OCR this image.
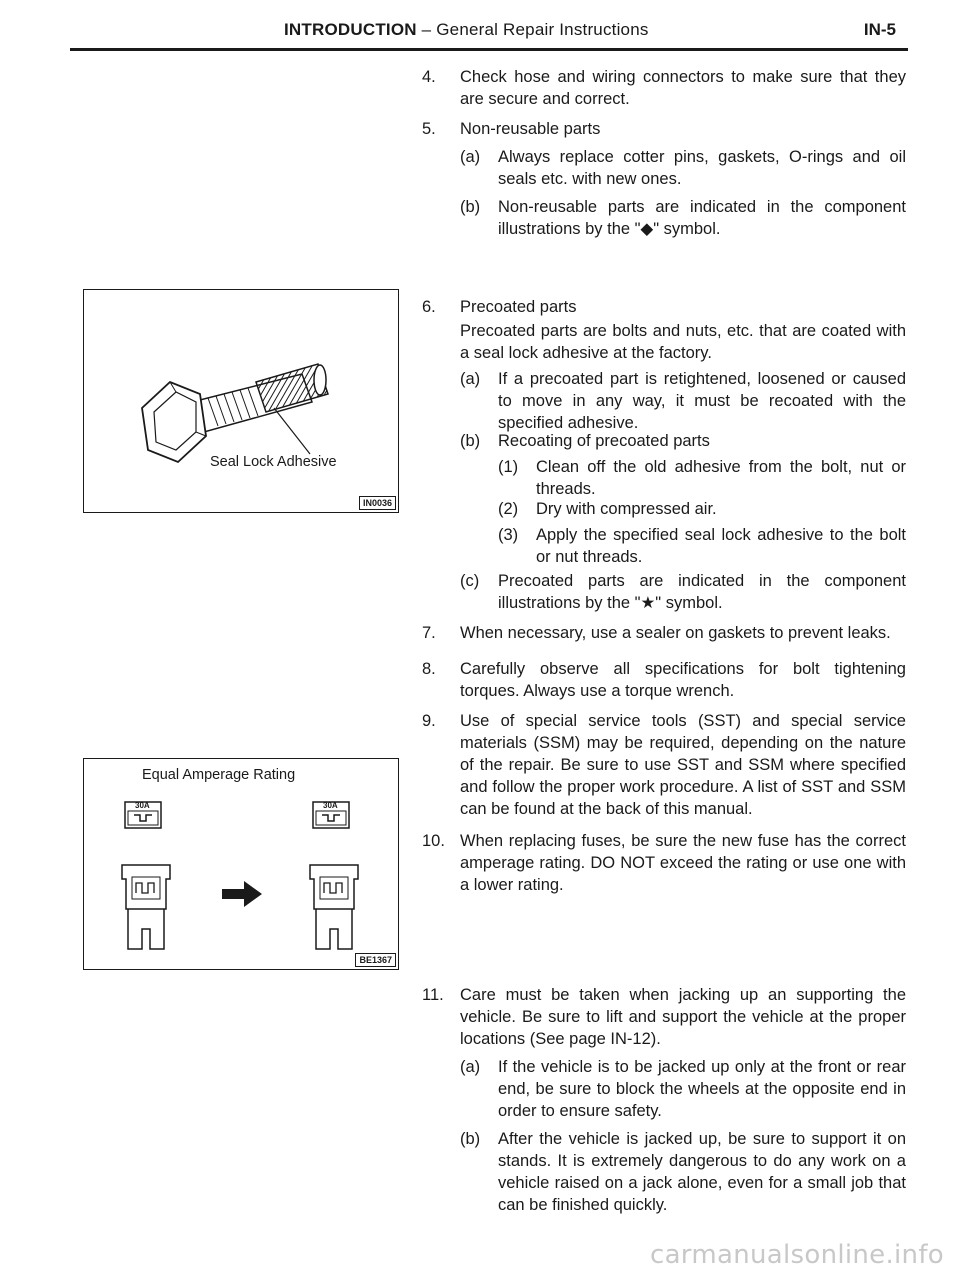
INTRODUCTION – General Repair Instructions	IN-5
Seal Lock Adhesive
IN0036
Equal Amperage Rating
30A	30A
BE1367
4. Check hose and wiring connectors to make sure that they are secure and correct.
5. Non-reusable parts
(a) Always replace cotter pins, gaskets, O-rings and oil seals etc. with new ones.
(b) Non-reusable parts are indicated in the component illustrations by the "◆" symbol.
6. Precoated parts
Precoated parts are bolts and nuts, etc. that are coated with a seal lock adhesive at the factory.
(a) If a precoated part is retightened, loosened or caused to move in any way, it must be recoated with the specified adhesive.
(b) Recoating of precoated parts
(1) Clean off the old adhesive from the bolt, nut or threads.
(2) Dry with compressed air.
(3) Apply the specified seal lock adhesive to the bolt or nut threads.
(c) Precoated parts are indicated in the component illustrations by the "★" symbol.
7. When necessary, use a sealer on gaskets to prevent leaks.
8. Carefully observe all specifications for bolt tightening torques. Always use a torque wrench.
9. Use of special service tools (SST) and special service materials (SSM) may be required, depending on the nature of the repair. Be sure to use SST and SSM where specified and follow the proper work procedure. A list of SST and SSM can be found at the back of this manual.
10. When replacing fuses, be sure the new fuse has the correct amperage rating. DO NOT exceed the rating or use one with a lower rating.
11. Care must be taken when jacking up an supporting the vehicle. Be sure to lift and support the vehicle at the proper locations (See page IN-12).
(a) If the vehicle is to be jacked up only at the front or rear end, be sure to block the wheels at the opposite end in order to ensure safety.
(b) After the vehicle is jacked up, be sure to support it on stands. It is extremely dangerous to do any work on a vehicle raised on a jack alone, even for a small job that can be finished quickly.
carmanualsonline.info
